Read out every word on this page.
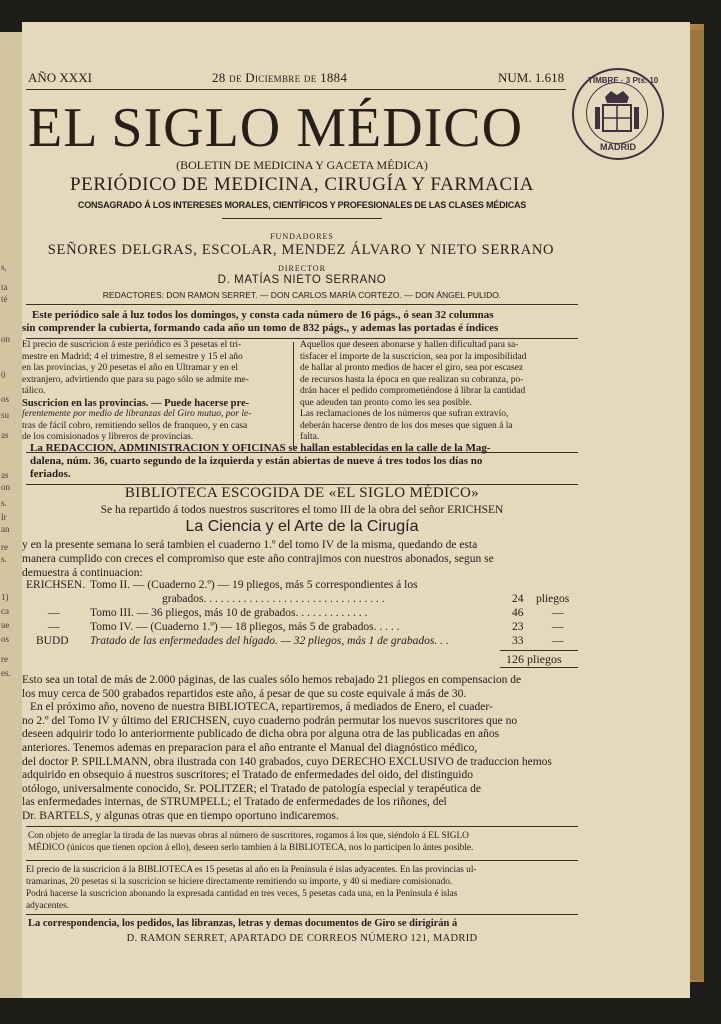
s,
ta
té
on
0
os
su
as
as
on
s.
lr
an
re
s.
1)
ca
ue
os
re
es.
AÑO XXXI	28 de Diciembre de 1884	NUM. 1.618	TIMBRE · 3 Pts. 10
MADRID
EL SIGLO MÉDICO
(BOLETIN DE MEDICINA Y GACETA MÉDICA)
PERIÓDICO DE MEDICINA, CIRUGÍA Y FARMACIA
CONSAGRADO Á LOS INTERESES MORALES, CIENTÍFICOS Y PROFESIONALES DE LAS CLASES MÉDICAS
FUNDADORES
SEÑORES DELGRAS, ESCOLAR, MENDEZ ÁLVARO Y NIETO SERRANO
DIRECTOR
D. MATÍAS NIETO SERRANO
REDACTORES: DON RAMON SERRET. — DON CARLOS MARÍA CORTEZO. — DON ÁNGEL PULIDO.
Este periódico sale á luz todos los domingos, y consta cada número de 16 págs., ó sean 32 columnas
sin comprender la cubierta, formando cada año un tomo de 832 págs., y ademas las portadas é índices
El precio de suscricion á este periódico es 3 pesetas el tri-
mestre en Madrid; 4 el trimestre, 8 el semestre y 15 el año
en las provincias, y 20 pesetas el año en Ultramar y en el
extranjero, advirtiendo que para su pago sólo se admite me-
tálico.
Suscricion en las provincias. — Puede hacerse pre-
ferentemente por medio de libranzas del Giro mutuo, por le-
tras de fácil cobro, remitiendo sellos de franqueo, y en casa
de los comisionados y libreros de provincias.
Aquellos que deseen abonarse y hallen dificultad para sa-
tisfacer el importe de la suscricion, sea por la imposibilidad
de hallar al pronto medios de hacer el giro, sea por escasez
de recursos hasta la época en que realizan su cobranza, po-
drán hacer el pedido comprometiéndose á librar la cantidad
que adeuden tan pronto como les sea posible.
Las reclamaciones de los números que sufran extravío,
deberán hacerse dentro de los dos meses que siguen á la
falta.
La REDACCION, ADMINISTRACION Y OFICINAS se hallan establecidas en la calle de la Mag-
dalena, núm. 36, cuarto segundo de la izquierda y están abiertas de nueve á tres todos los días no
feriados.
BIBLIOTECA ESCOGIDA DE «EL SIGLO MÉDICO»
Se ha repartido á todos nuestros suscritores el tomo III de la obra del señor ERICHSEN
La Ciencia y el Arte de la Cirugía
y en la presente semana lo será tambien el cuaderno 1.º del tomo IV de la misma, quedando de esta
manera cumplido con creces el compromiso que este año contrajimos con nuestros abonados, segun se
demuestra á continuacion:
ERICHSEN. Tomo II. — (Cuaderno 2.º) — 19 pliegos, más 5 correspondientes á los
grabados. . . . . . . . . . . . . . . . . . . . . . . . . . . . . . . .	24 pliegos
—	Tomo III. — 36 pliegos, más 10 de grabados. . . . . . . . . . . . .	46 —
—	Tomo IV. — (Cuaderno 1.º) — 18 pliegos, más 5 de grabados. . . . .	23 —
BUDD Tratado de las enfermedades del hígado. — 32 pliegos, más 1 de grabados. . .	33 —
126 pliegos
Esto sea un total de más de 2.000 páginas, de las cuales sólo hemos rebajado 21 pliegos en compensacion de
los muy cerca de 500 grabados repartidos este año, á pesar de que su coste equivale á más de 30.
En el próximo año, noveno de nuestra BIBLIOTECA, repartiremos, á mediados de Enero, el cuader-
no 2.º del Tomo IV y último del ERICHSEN, cuyo cuaderno podrán permutar los nuevos suscritores que no
deseen adquirir todo lo anteriormente publicado de dicha obra por alguna otra de las publicadas en años
anteriores. Tenemos ademas en preparacion para el año entrante el Manual del diagnóstico médico,
del doctor P. SPILLMANN, obra ilustrada con 140 grabados, cuyo DERECHO EXCLUSIVO de traduccion hemos
adquirido en obsequio á nuestros suscritores; el Tratado de enfermedades del oido, del distinguido
otólogo, universalmente conocido, Sr. POLITZER; el Tratado de patología especial y terapéutica de
las enfermedades internas, de STRUMPELL; el Tratado de enfermedades de los riñones, del
Dr. BARTELS, y algunas otras que en tiempo oportuno indicaremos.
Con objeto de arreglar la tirada de las nuevas obras al número de suscritores, rogamos á los que, siéndolo á EL SIGLO
MÉDICO (únicos que tienen opcion á ello), deseen serlo tambien á la BIBLIOTECA, nos lo participen lo ántes posible.
El precio de la suscricion á la BIBLIOTECA es 15 pesetas al año en la Península é islas adyacentes. En las provincias ul-
tramarinas, 20 pesetas si la suscricion se hiciere directamente remitiendo su importe, y 40 si mediare comisionado.
Podrá hacerse la suscricion abonando la expresada cantidad en tres veces, 5 pesetas cada una, en la Península é islas
adyacentes.
La correspondencia, los pedidos, las libranzas, letras y demas documentos de Giro se dirigirán á
D. RAMON SERRET, APARTADO DE CORREOS NÚMERO 121, MADRID
